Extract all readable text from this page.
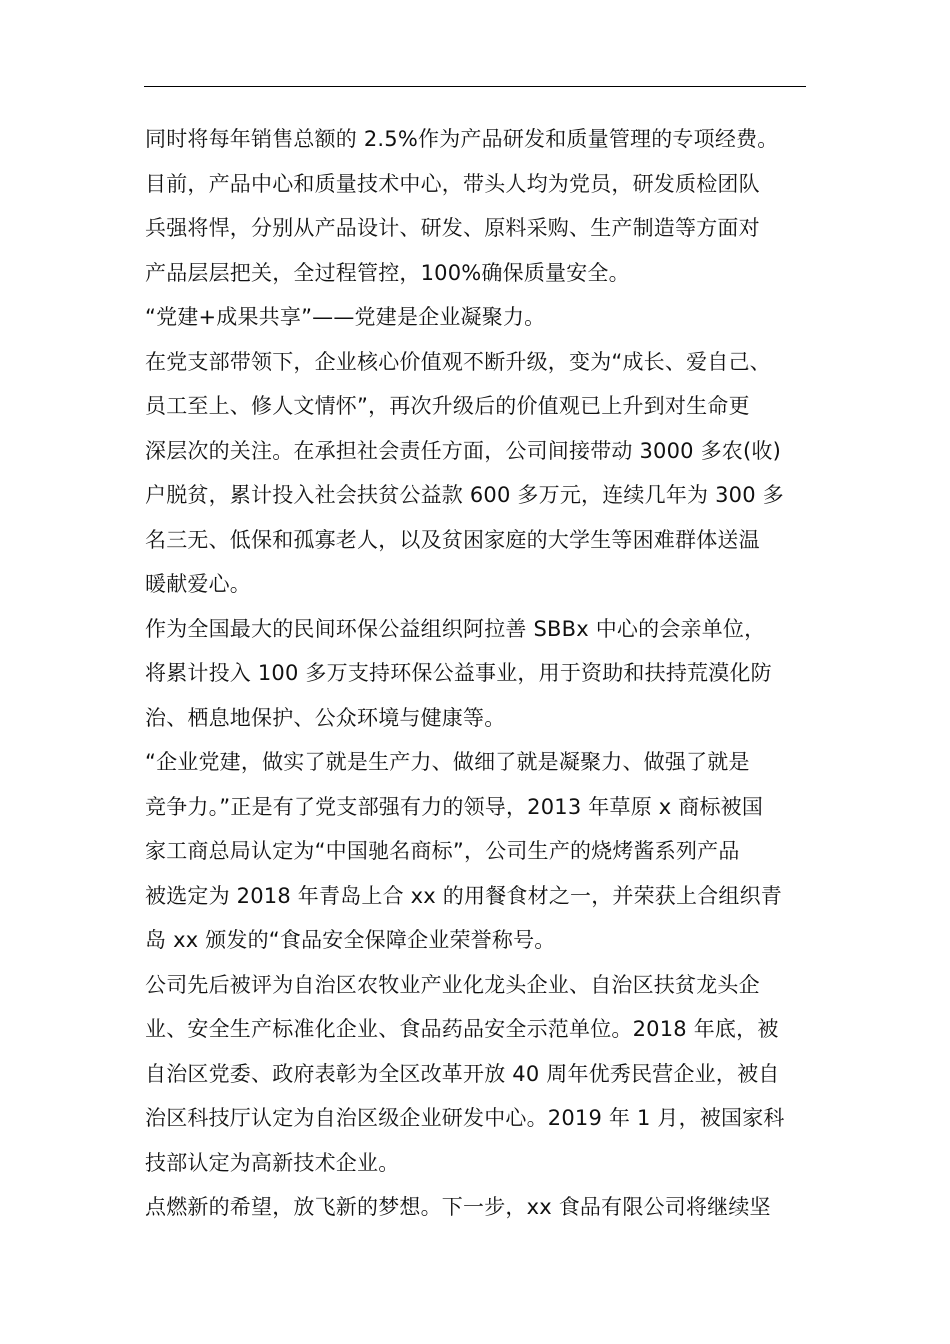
同时将每年销售总额的 2.5%作为产品研发和质量管理的专项经费。
目前，产品中心和质量技术中心，带头人均为党员，研发质检团队
兵强将悍，分别从产品设计、研发、原料采购、生产制造等方面对
产品层层把关，全过程管控，100%确保质量安全。
“党建+成果共享”——党建是企业凝聚力。
在党支部带领下，企业核心价值观不断升级，变为“成长、爱自己、
员工至上、修人文情怀”，再次升级后的价值观已上升到对生命更
深层次的关注。在承担社会责任方面，公司间接带动 3000 多农(收)
户脱贫，累计投入社会扶贫公益款 600 多万元，连续几年为 300 多
名三无、低保和孤寡老人，以及贫困家庭的大学生等困难群体送温
暖献爱心。
作为全国最大的民间环保公益组织阿拉善 SBBx 中心的会亲单位，
将累计投入 100 多万支持环保公益事业，用于资助和扶持荒漠化防
治、栖息地保护、公众环境与健康等。
“企业党建，做实了就是生产力、做细了就是凝聚力、做强了就是
竞争力。”正是有了党支部强有力的领导，2013 年草原 x 商标被国
家工商总局认定为“中国驰名商标”，公司生产的烧烤酱系列产品
被选定为 2018 年青岛上合 xx 的用餐食材之一，并荣获上合组织青
岛 xx 颁发的“食品安全保障企业荣誉称号。
公司先后被评为自治区农牧业产业化龙头企业、自治区扶贫龙头企
业、安全生产标准化企业、食品药品安全示范单位。2018 年底，被
自治区党委、政府表彰为全区改革开放 40 周年优秀民营企业，被自
治区科技厅认定为自治区级企业研发中心。2019 年 1 月，被国家科
技部认定为高新技术企业。
点燃新的希望，放飞新的梦想。下一步，xx 食品有限公司将继续坚
